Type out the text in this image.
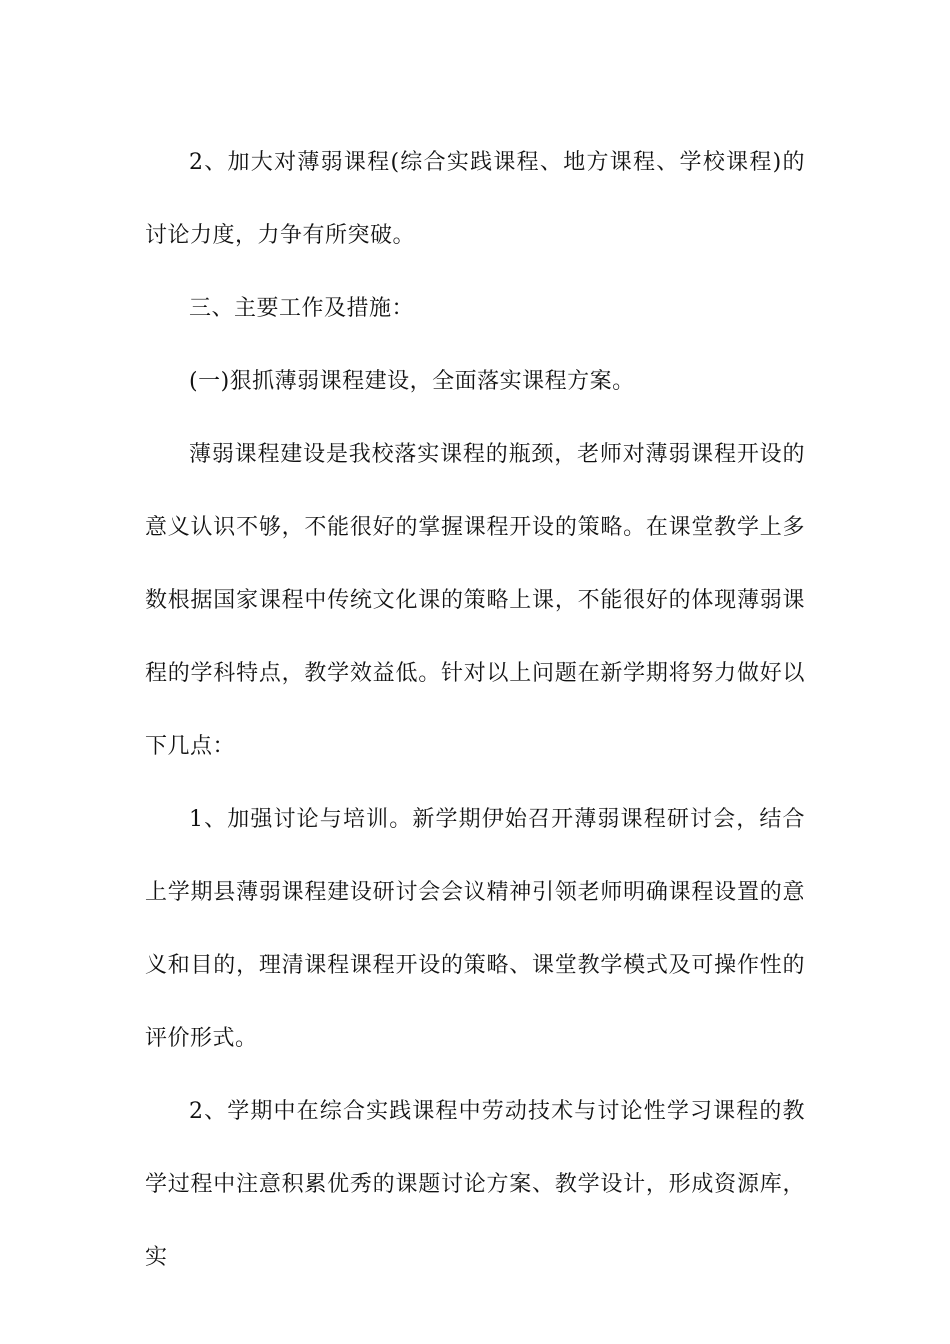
2、加大对薄弱课程(综合实践课程、地方课程、学校课程)的讨论力度，力争有所突破。

三、主要工作及措施：

(一)狠抓薄弱课程建设，全面落实课程方案。

薄弱课程建设是我校落实课程的瓶颈，老师对薄弱课程开设的意义认识不够，不能很好的掌握课程开设的策略。在课堂教学上多数根据国家课程中传统文化课的策略上课，不能很好的体现薄弱课程的学科特点，教学效益低。针对以上问题在新学期将努力做好以下几点：

1、加强讨论与培训。新学期伊始召开薄弱课程研讨会，结合上学期县薄弱课程建设研讨会会议精神引领老师明确课程设置的意义和目的，理清课程课程开设的策略、课堂教学模式及可操作性的评价形式。

2、学期中在综合实践课程中劳动技术与讨论性学习课程的教学过程中注意积累优秀的课题讨论方案、教学设计，形成资源库，实
